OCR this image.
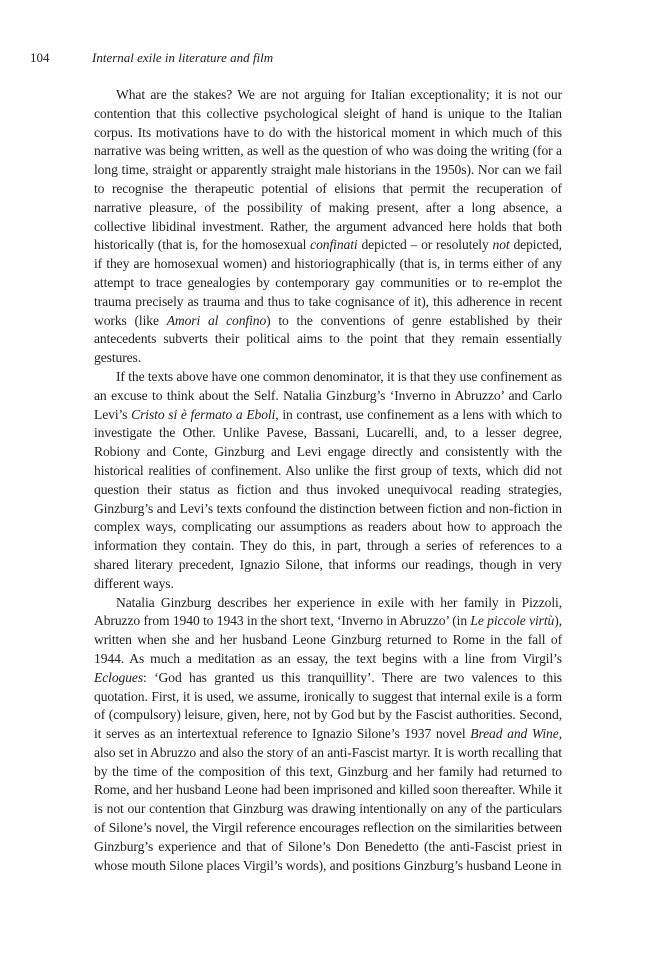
104	Internal exile in literature and film

What are the stakes? We are not arguing for Italian exceptionality; it is not our contention that this collective psychological sleight of hand is unique to the Italian corpus. Its motivations have to do with the historical moment in which much of this narrative was being written, as well as the question of who was doing the writing (for a long time, straight or apparently straight male historians in the 1950s). Nor can we fail to recognise the therapeutic potential of elisions that permit the recuperation of narrative pleasure, of the possibility of making present, after a long absence, a collective libidinal investment. Rather, the argument advanced here holds that both historically (that is, for the homosexual confinati depicted – or resolutely not depicted, if they are homosexual women) and historiographically (that is, in terms either of any attempt to trace genealogies by contemporary gay communities or to re-emplot the trauma precisely as trauma and thus to take cognisance of it), this adherence in recent works (like Amori al confino) to the conventions of genre established by their antecedents subverts their political aims to the point that they remain essentially gestures.

If the texts above have one common denominator, it is that they use confinement as an excuse to think about the Self. Natalia Ginzburg’s ‘Inverno in Abruzzo’ and Carlo Levi’s Cristo si è fermato a Eboli, in contrast, use confinement as a lens with which to investigate the Other. Unlike Pavese, Bassani, Lucarelli, and, to a lesser degree, Robiony and Conte, Ginzburg and Levi engage directly and consistently with the historical realities of confinement. Also unlike the first group of texts, which did not question their status as fiction and thus invoked unequivocal reading strategies, Ginzburg’s and Levi’s texts confound the distinction between fiction and non-fiction in complex ways, complicating our assumptions as readers about how to approach the information they contain. They do this, in part, through a series of references to a shared literary precedent, Ignazio Silone, that informs our readings, though in very different ways.

Natalia Ginzburg describes her experience in exile with her family in Pizzoli, Abruzzo from 1940 to 1943 in the short text, ‘Inverno in Abruzzo’ (in Le piccole virtù), written when she and her husband Leone Ginzburg returned to Rome in the fall of 1944. As much a meditation as an essay, the text begins with a line from Virgil’s Eclogues: ‘God has granted us this tranquillity’. There are two valences to this quotation. First, it is used, we assume, ironically to suggest that internal exile is a form of (compulsory) leisure, given, here, not by God but by the Fascist authorities. Second, it serves as an intertextual reference to Ignazio Silone’s 1937 novel Bread and Wine, also set in Abruzzo and also the story of an anti-Fascist martyr. It is worth recalling that by the time of the composition of this text, Ginzburg and her family had returned to Rome, and her husband Leone had been imprisoned and killed soon thereafter. While it is not our contention that Ginzburg was drawing intentionally on any of the particulars of Silone’s novel, the Virgil reference encourages reflection on the similarities between Ginzburg’s experience and that of Silone’s Don Benedetto (the anti-Fascist priest in whose mouth Silone places Virgil’s words), and positions Ginzburg’s husband Leone in
